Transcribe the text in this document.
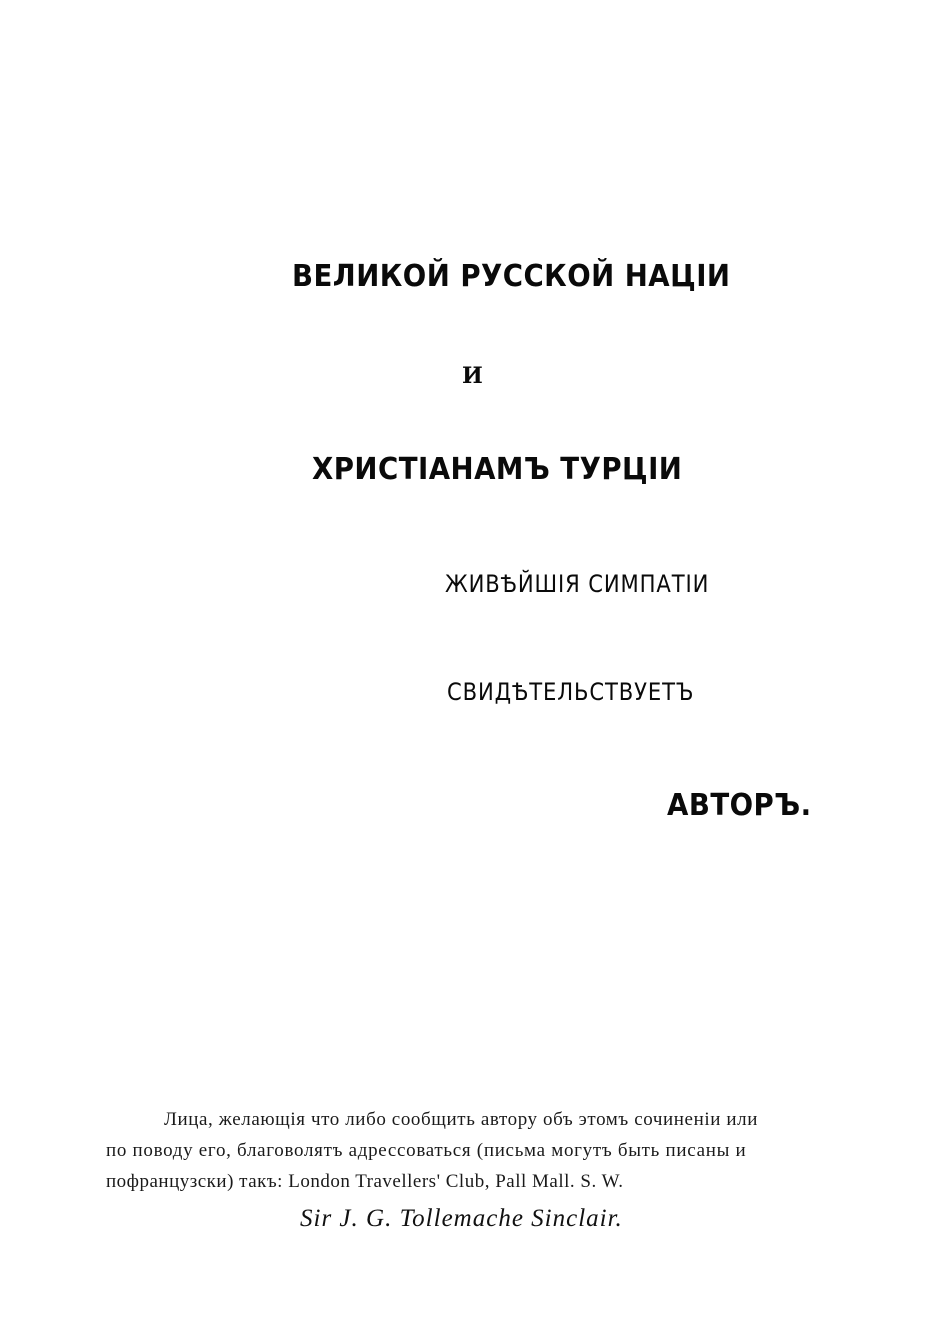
ВЕЛИКОЙ РУССКОЙ НАЦІИ

И

ХРИСТІАНАМЪ ТУРЦІИ

ЖИВѢЙШІЯ СИМПАТІИ

СВИДѢТЕЛЬСТВУЕТЪ

АВТОРЪ.

Лица, желающія что либо сообщить автору объ этомъ сочиненіи или

по поводу его, благоволятъ адрессоваться (письма могутъ быть писаны и

пофранцузски) такъ: London Travellers' Club, Pall Mall. S. W.

Sir J. G. Tollemache Sinclair.
